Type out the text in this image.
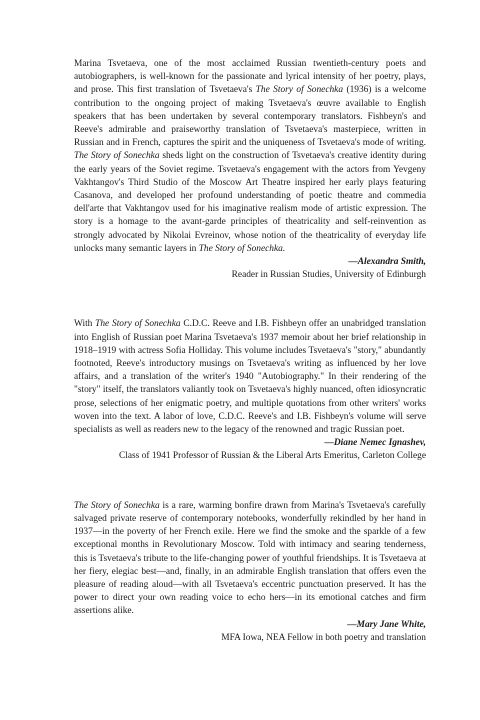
Marina Tsvetaeva, one of the most acclaimed Russian twentieth-century poets and autobiographers, is well-known for the passionate and lyrical intensity of her poetry, plays, and prose. This first translation of Tsvetaeva's The Story of Sonechka (1936) is a welcome contribution to the ongoing project of making Tsvetaeva's œuvre available to English speakers that has been undertaken by several contemporary translators. Fishbeyn's and Reeve's admirable and praiseworthy translation of Tsvetaeva's masterpiece, written in Russian and in French, captures the spirit and the uniqueness of Tsvetaeva's mode of writing. The Story of Sonechka sheds light on the construction of Tsvetaeva's creative identity during the early years of the Soviet regime. Tsvetaeva's engagement with the actors from Yevgeny Vakhtangov's Third Studio of the Moscow Art Theatre inspired her early plays featuring Casanova, and developed her profound understanding of poetic theatre and commedia dell'arte that Vakhtangov used for his imaginative realism mode of artistic expression. The story is a homage to the avant-garde principles of theatricality and self-reinvention as strongly advocated by Nikolai Evreinov, whose notion of the theatricality of everyday life unlocks many semantic layers in The Story of Sonechka.

—Alexandra Smith,
Reader in Russian Studies, University of Edinburgh

With The Story of Sonechka C.D.C. Reeve and I.B. Fishbeyn offer an unabridged translation into English of Russian poet Marina Tsvetaeva's 1937 memoir about her brief relationship in 1918–1919 with actress Sofia Holliday. This volume includes Tsvetaeva's "story," abundantly footnoted, Reeve's introductory musings on Tsvetaeva's writing as influenced by her love affairs, and a translation of the writer's 1940 "Autobiography." In their rendering of the "story" itself, the translators valiantly took on Tsvetaeva's highly nuanced, often idiosyncratic prose, selections of her enigmatic poetry, and multiple quotations from other writers' works woven into the text. A labor of love, C.D.C. Reeve's and I.B. Fishbeyn's volume will serve specialists as well as readers new to the legacy of the renowned and tragic Russian poet.

—Diane Nemec Ignashev,
Class of 1941 Professor of Russian & the Liberal Arts Emeritus, Carleton College

The Story of Sonechka is a rare, warming bonfire drawn from Marina's Tsvetaeva's carefully salvaged private reserve of contemporary notebooks, wonderfully rekindled by her hand in 1937—in the poverty of her French exile. Here we find the smoke and the sparkle of a few exceptional months in Revolutionary Moscow. Told with intimacy and searing tenderness, this is Tsvetaeva's tribute to the life-changing power of youthful friendships. It is Tsvetaeva at her fiery, elegiac best—and, finally, in an admirable English translation that offers even the pleasure of reading aloud—with all Tsvetaeva's eccentric punctuation preserved. It has the power to direct your own reading voice to echo hers—in its emotional catches and firm assertions alike.

—Mary Jane White,
MFA Iowa, NEA Fellow in both poetry and translation
